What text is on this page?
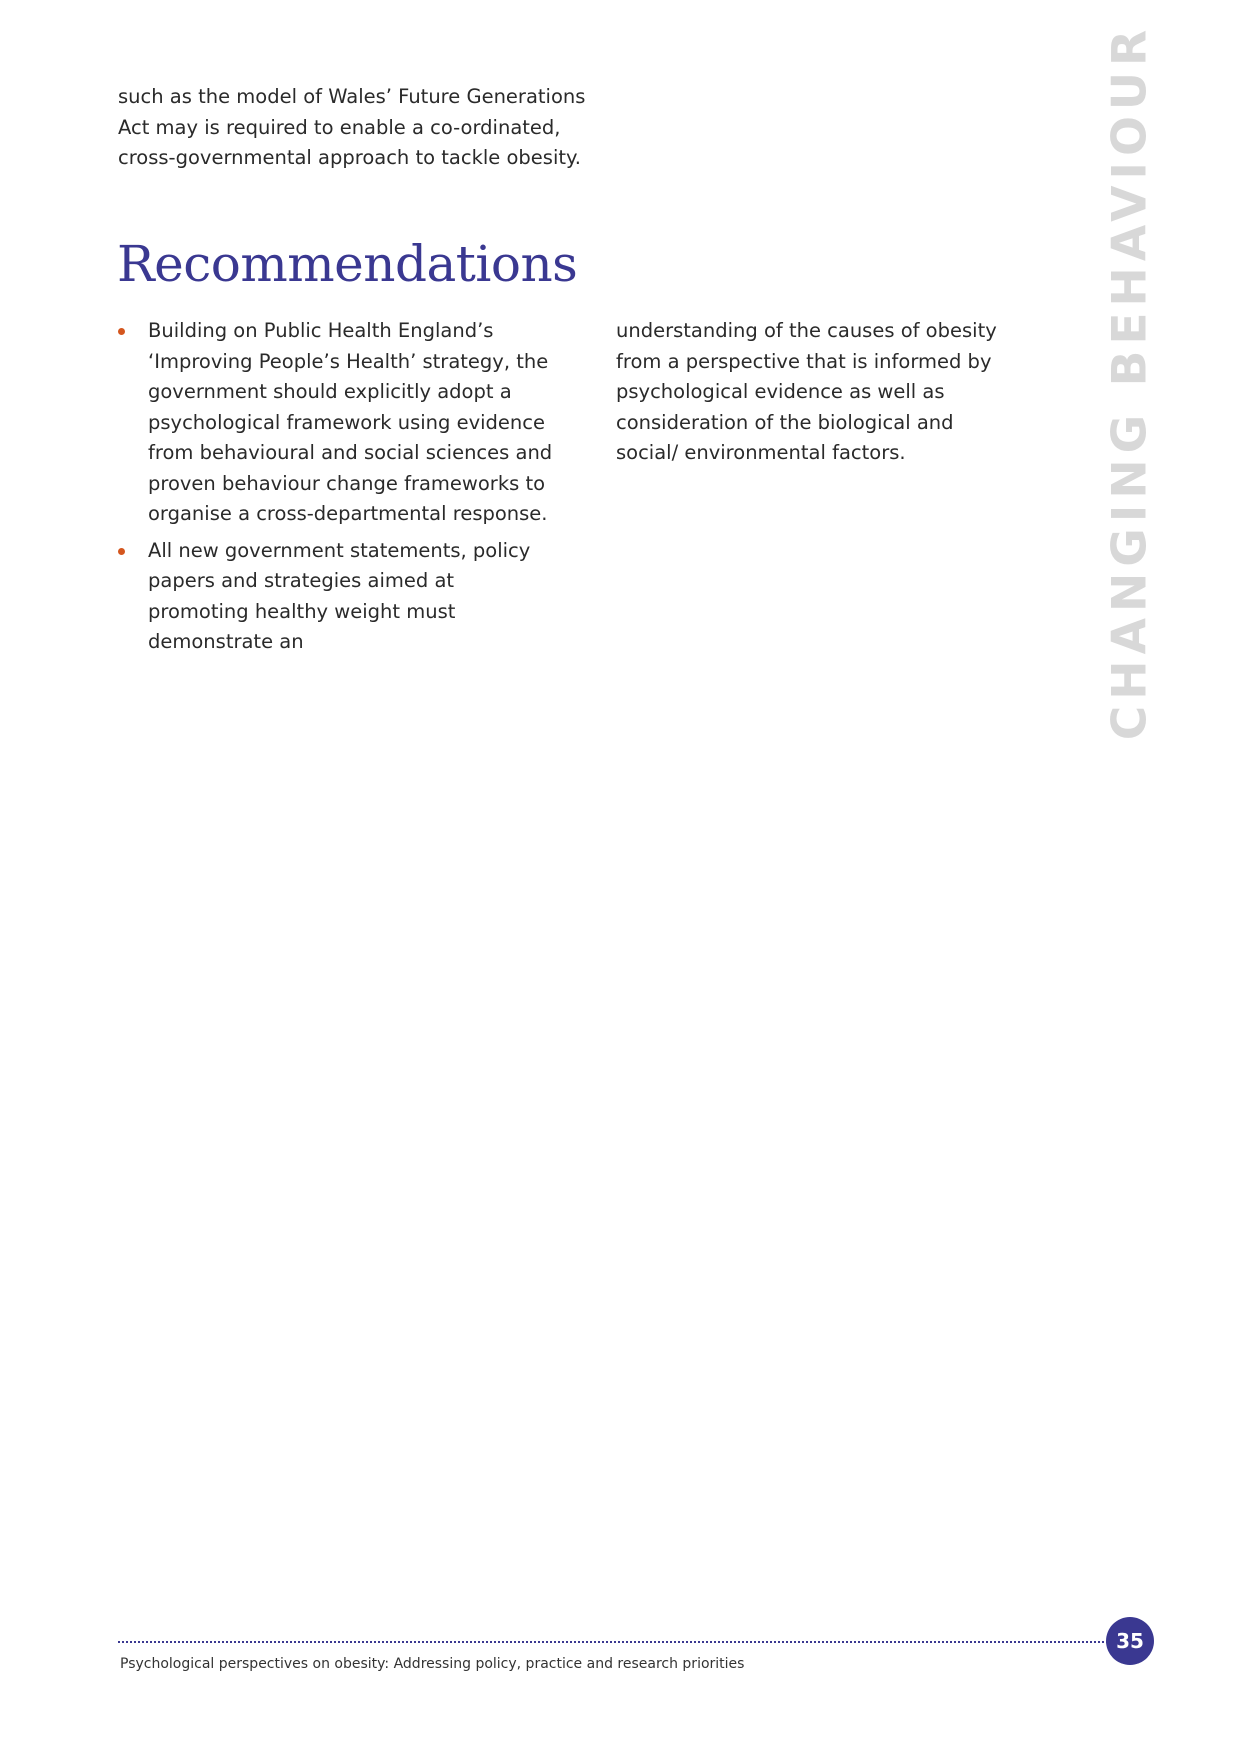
such as the model of Wales’ Future Generations Act may is required to enable a co-ordinated, cross-governmental approach to tackle obesity.

Recommendations
Building on Public Health England’s ‘Improving People’s Health’ strategy, the government should explicitly adopt a psychological framework using evidence from behavioural and social sciences and proven behaviour change frameworks to organise a cross-departmental response.
All new government statements, policy papers and strategies aimed at promoting healthy weight must demonstrate an

understanding of the causes of obesity from a perspective that is informed by psychological evidence as well as consideration of the biological and social/ environmental factors.	CHANGING BEHAVIOUR
35
Psychological perspectives on obesity: Addressing policy, practice and research priorities
